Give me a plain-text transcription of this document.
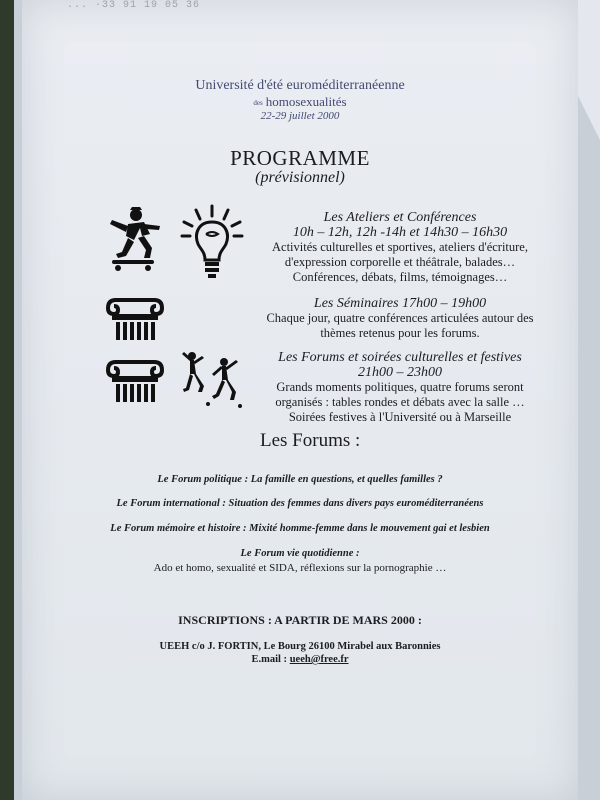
... ·33 91 19 05 36
Université d'été euroméditerranéenne
des homosexualités
22-29 juillet 2000
PROGRAMME
(prévisionnel)
Les Ateliers et Conférences
10h – 12h, 12h -14h et 14h30 – 16h30
Activités culturelles et sportives, ateliers d'écriture,
d'expression corporelle et théâtrale, balades…
Conférences, débats, films, témoignages…
Les Séminaires 17h00 – 19h00
Chaque jour, quatre conférences articulées autour des
thèmes retenus pour les forums.
Les Forums et soirées culturelles et festives
21h00 – 23h00
Grands moments politiques, quatre forums seront
organisés : tables rondes et débats avec la salle …
Soirées festives à l'Université ou à Marseille
Les Forums :
Le Forum politique : La famille en questions, et quelles familles ?
Le Forum international : Situation des femmes dans divers pays euroméditerranéens
Le Forum mémoire et histoire : Mixité homme-femme dans le mouvement gai et lesbien
Le Forum vie quotidienne :
Ado et homo, sexualité et SIDA, réflexions sur la pornographie …
INSCRIPTIONS : A PARTIR DE MARS 2000 :
UEEH c/o J. FORTIN, Le Bourg 26100 Mirabel aux Baronnies
E.mail : ueeh@free.fr
